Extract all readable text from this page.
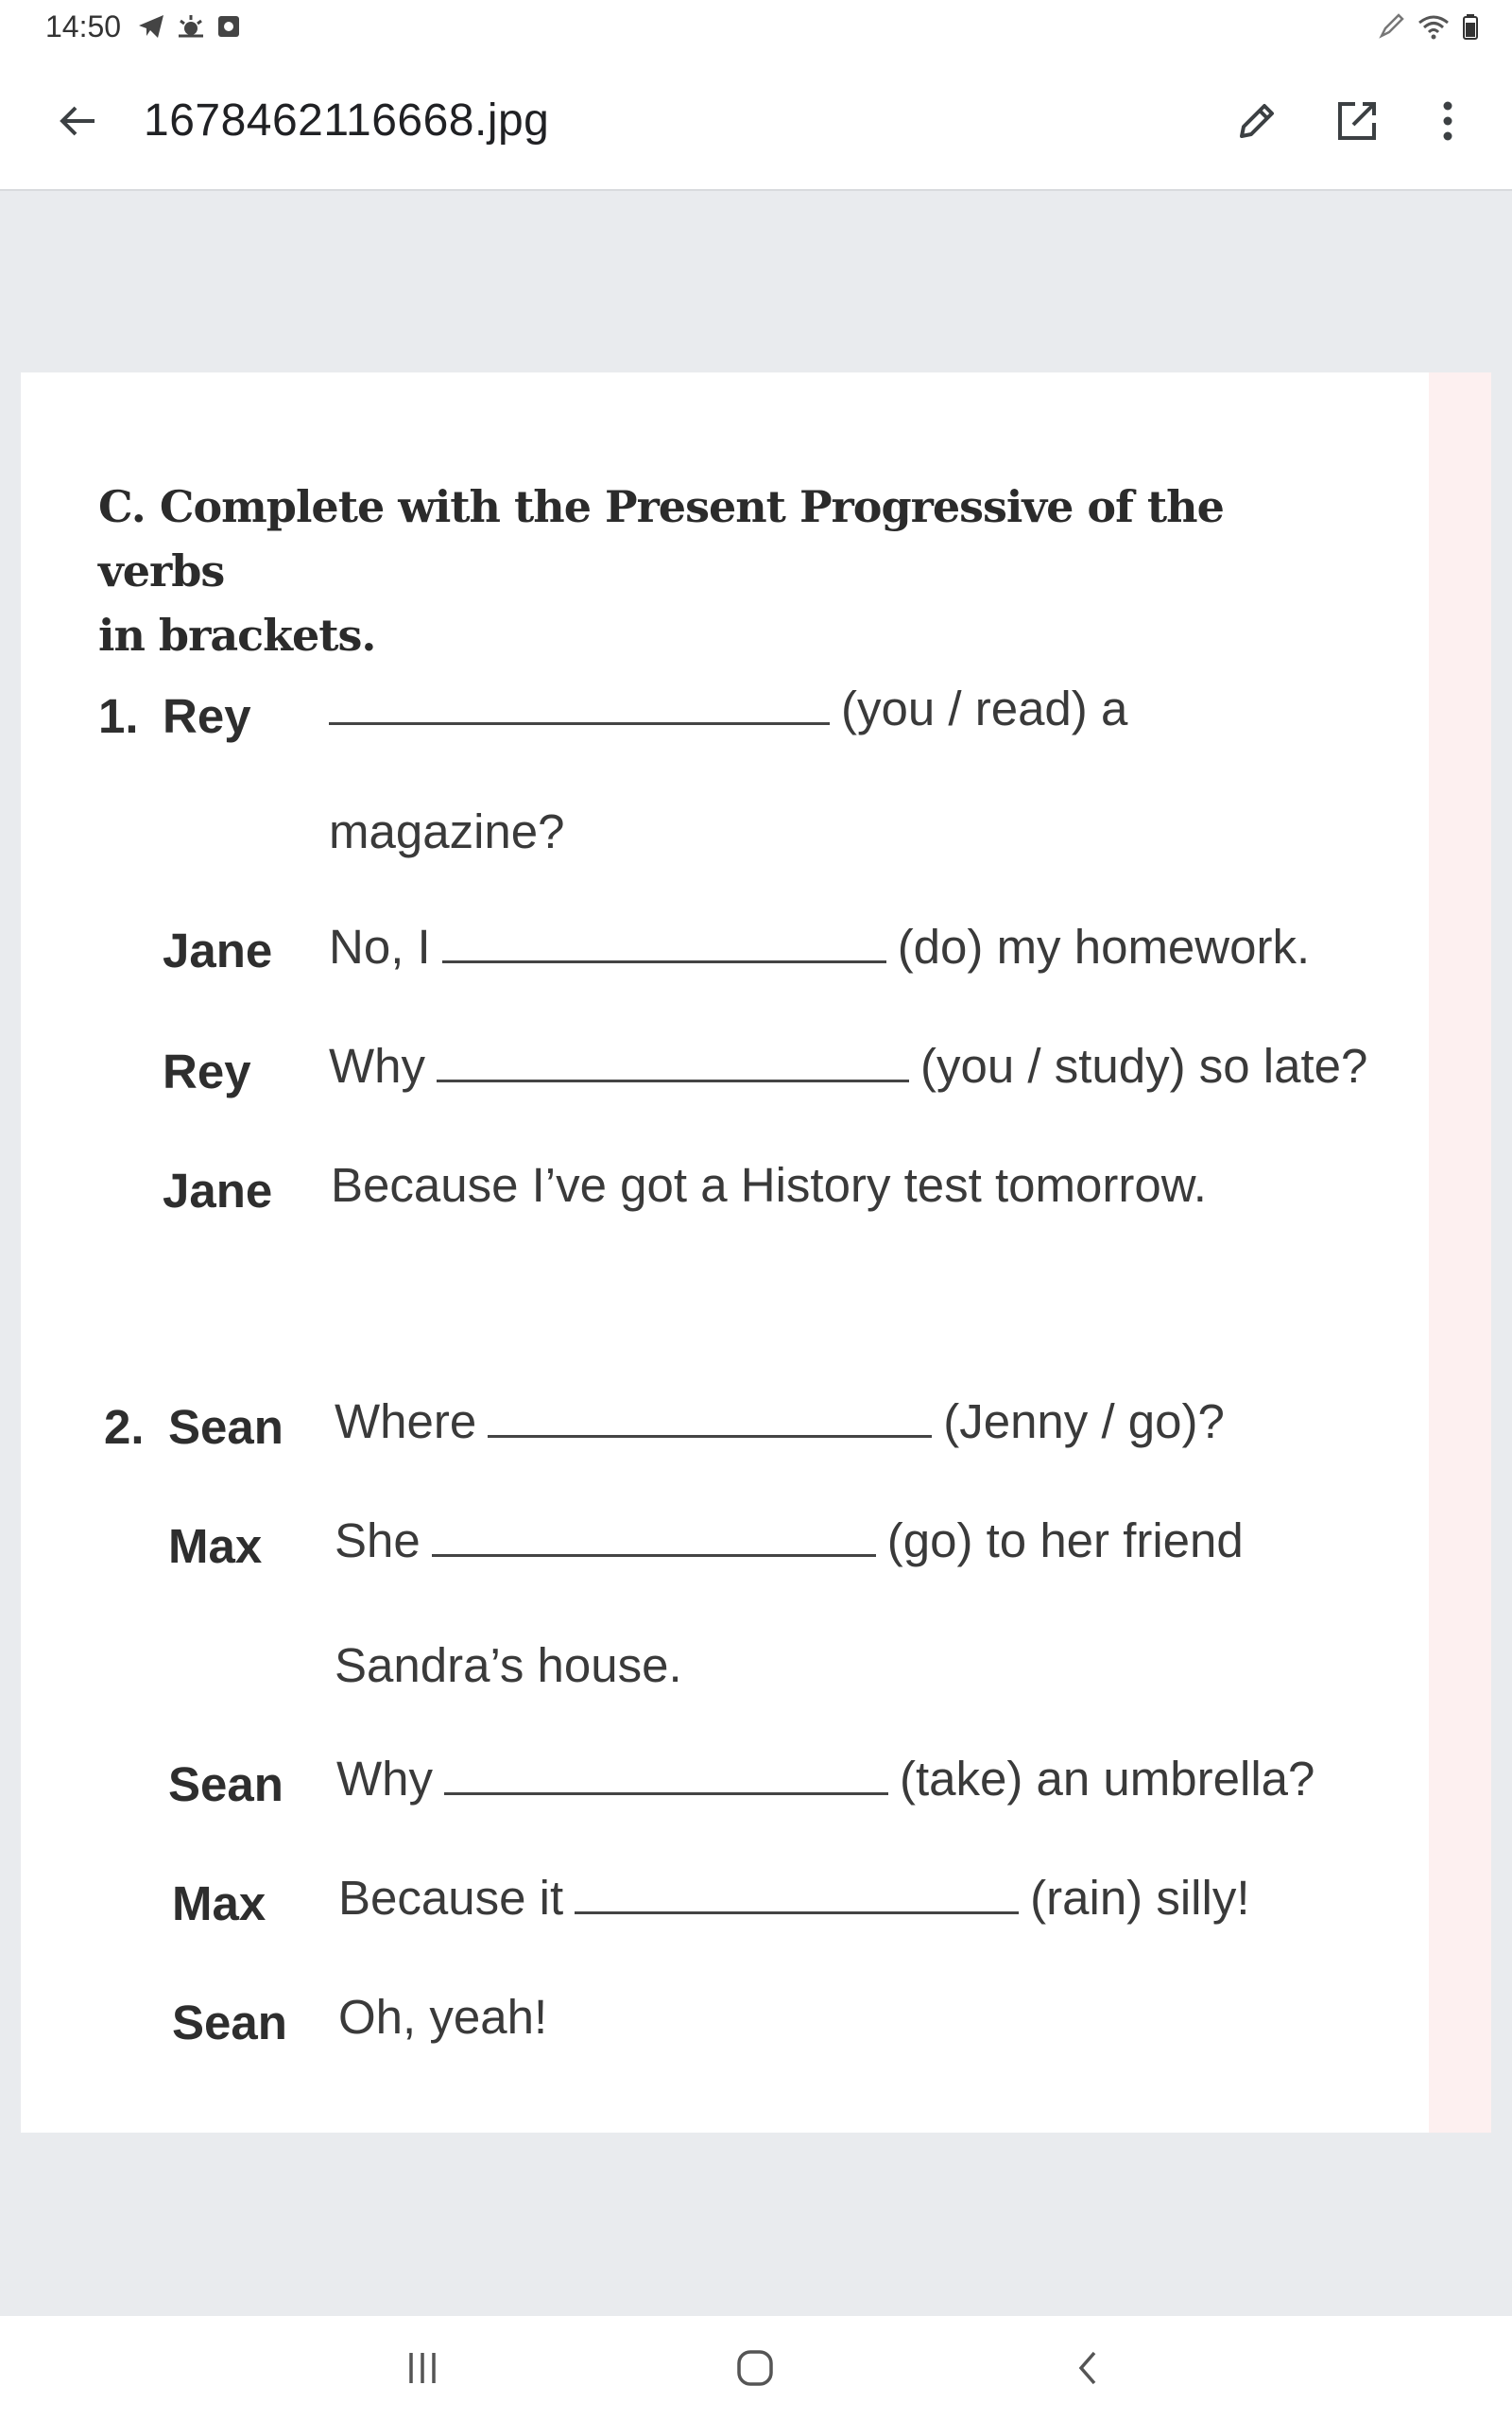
14:50
1678462116668.jpg
C. Complete with the Present Progressive of the verbs
in brackets.
1. Rey	(you / read) a
magazine?
Jane No, I	(do) my homework.
Rey Why	(you / study) so late?
Jane Because I’ve got a History test tomorrow.
2. Sean Where	(Jenny / go)?
Max She	(go) to her friend
Sandra’s house.
Sean Why	(take) an umbrella?
Max Because it	(rain) silly!
Sean Oh, yeah!
